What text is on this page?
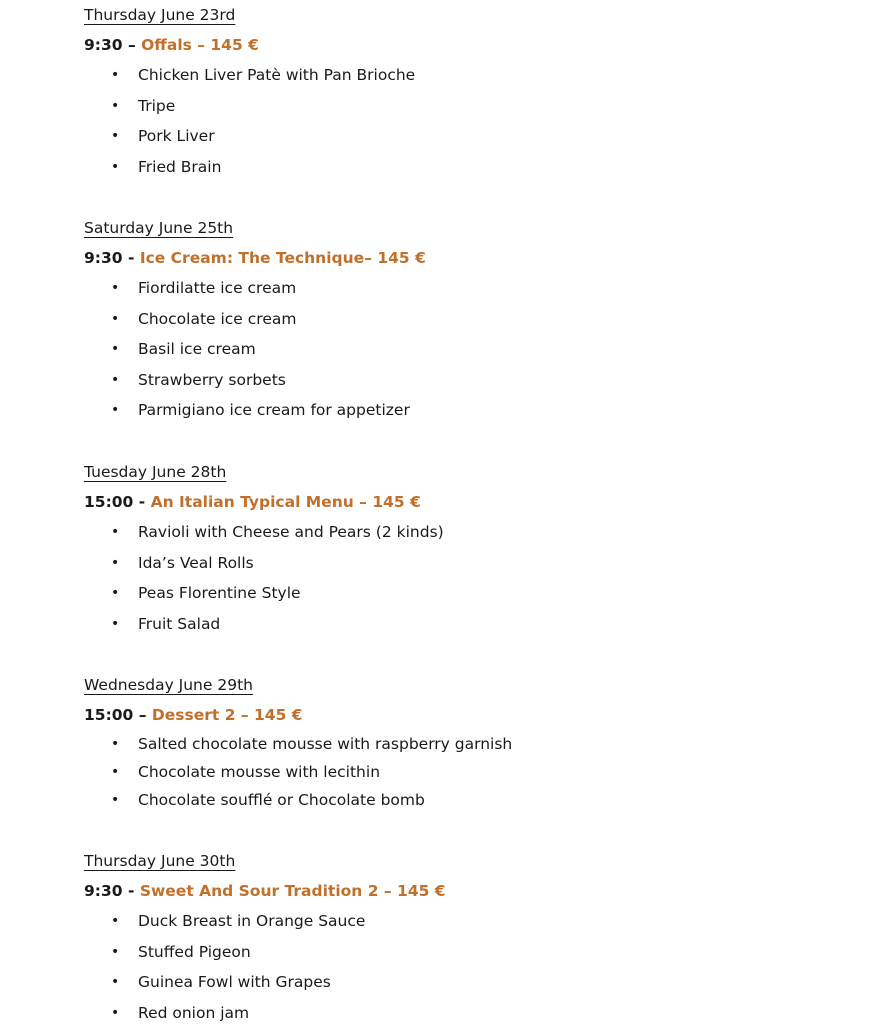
Thursday June 23rd
9:30 – Offals – 145 €
• Chicken Liver Patè with Pan Brioche
• Tripe
• Pork Liver
• Fried Brain
Saturday June 25th
9:30 - Ice Cream: The Technique– 145 €
• Fiordilatte ice cream
• Chocolate ice cream
• Basil ice cream
• Strawberry sorbets
• Parmigiano ice cream for appetizer
Tuesday June 28th
15:00 - An Italian Typical Menu – 145 €
• Ravioli with Cheese and Pears (2 kinds)
• Ida’s Veal Rolls
• Peas Florentine Style
• Fruit Salad
Wednesday June 29th
15:00 – Dessert 2 – 145 €
• Salted chocolate mousse with raspberry garnish
• Chocolate mousse with lecithin
• Chocolate soufflé or Chocolate bomb
Thursday June 30th
9:30 - Sweet And Sour Tradition 2 – 145 €
• Duck Breast in Orange Sauce
• Stuffed Pigeon
• Guinea Fowl with Grapes
• Red onion jam
